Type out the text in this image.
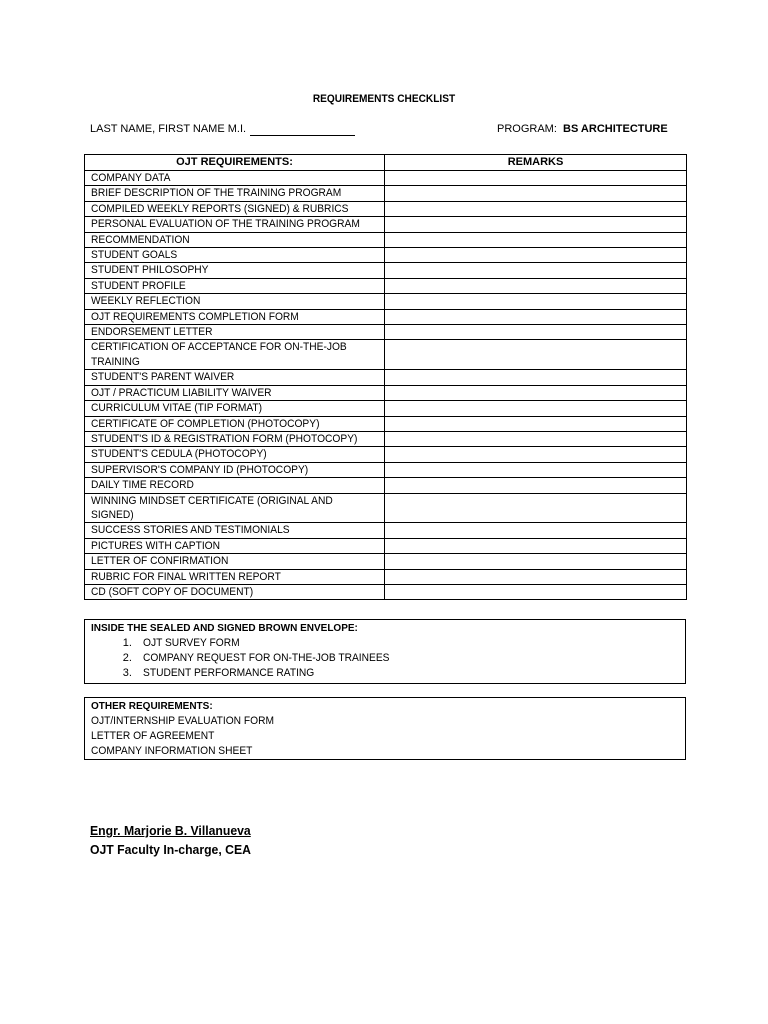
REQUIREMENTS CHECKLIST
LAST NAME, FIRST NAME M.I.	PROGRAM: BS ARCHITECTURE
OJT REQUIREMENTS:	REMARKS

COMPANY DATA	

BRIEF DESCRIPTION OF THE TRAINING PROGRAM	

COMPILED WEEKLY REPORTS (SIGNED) & RUBRICS	

PERSONAL EVALUATION OF THE TRAINING PROGRAM	

RECOMMENDATION	

STUDENT GOALS	

STUDENT PHILOSOPHY	

STUDENT PROFILE	

WEEKLY REFLECTION	

OJT REQUIREMENTS COMPLETION FORM	

ENDORSEMENT LETTER	

CERTIFICATION OF ACCEPTANCE FOR ON-THE-JOB TRAINING	

STUDENT'S PARENT WAIVER	

OJT / PRACTICUM LIABILITY WAIVER	

CURRICULUM VITAE (TIP FORMAT)	

CERTIFICATE OF COMPLETION (PHOTOCOPY)	

STUDENT'S ID & REGISTRATION FORM (PHOTOCOPY)	

STUDENT'S CEDULA (PHOTOCOPY)	

SUPERVISOR'S COMPANY ID (PHOTOCOPY)	

DAILY TIME RECORD	

WINNING MINDSET CERTIFICATE (ORIGINAL AND SIGNED)	

SUCCESS STORIES AND TESTIMONIALS	

PICTURES WITH CAPTION	

LETTER OF CONFIRMATION	

RUBRIC FOR FINAL WRITTEN REPORT	

CD (SOFT COPY OF DOCUMENT)	

INSIDE THE SEALED AND SIGNED BROWN ENVELOPE:
1. OJT SURVEY FORM
2. COMPANY REQUEST FOR ON-THE-JOB TRAINEES
3. STUDENT PERFORMANCE RATING
OTHER REQUIREMENTS:
OJT/INTERNSHIP EVALUATION FORM
LETTER OF AGREEMENT
COMPANY INFORMATION SHEET
Engr. Marjorie B. Villanueva
OJT Faculty In-charge, CEA
